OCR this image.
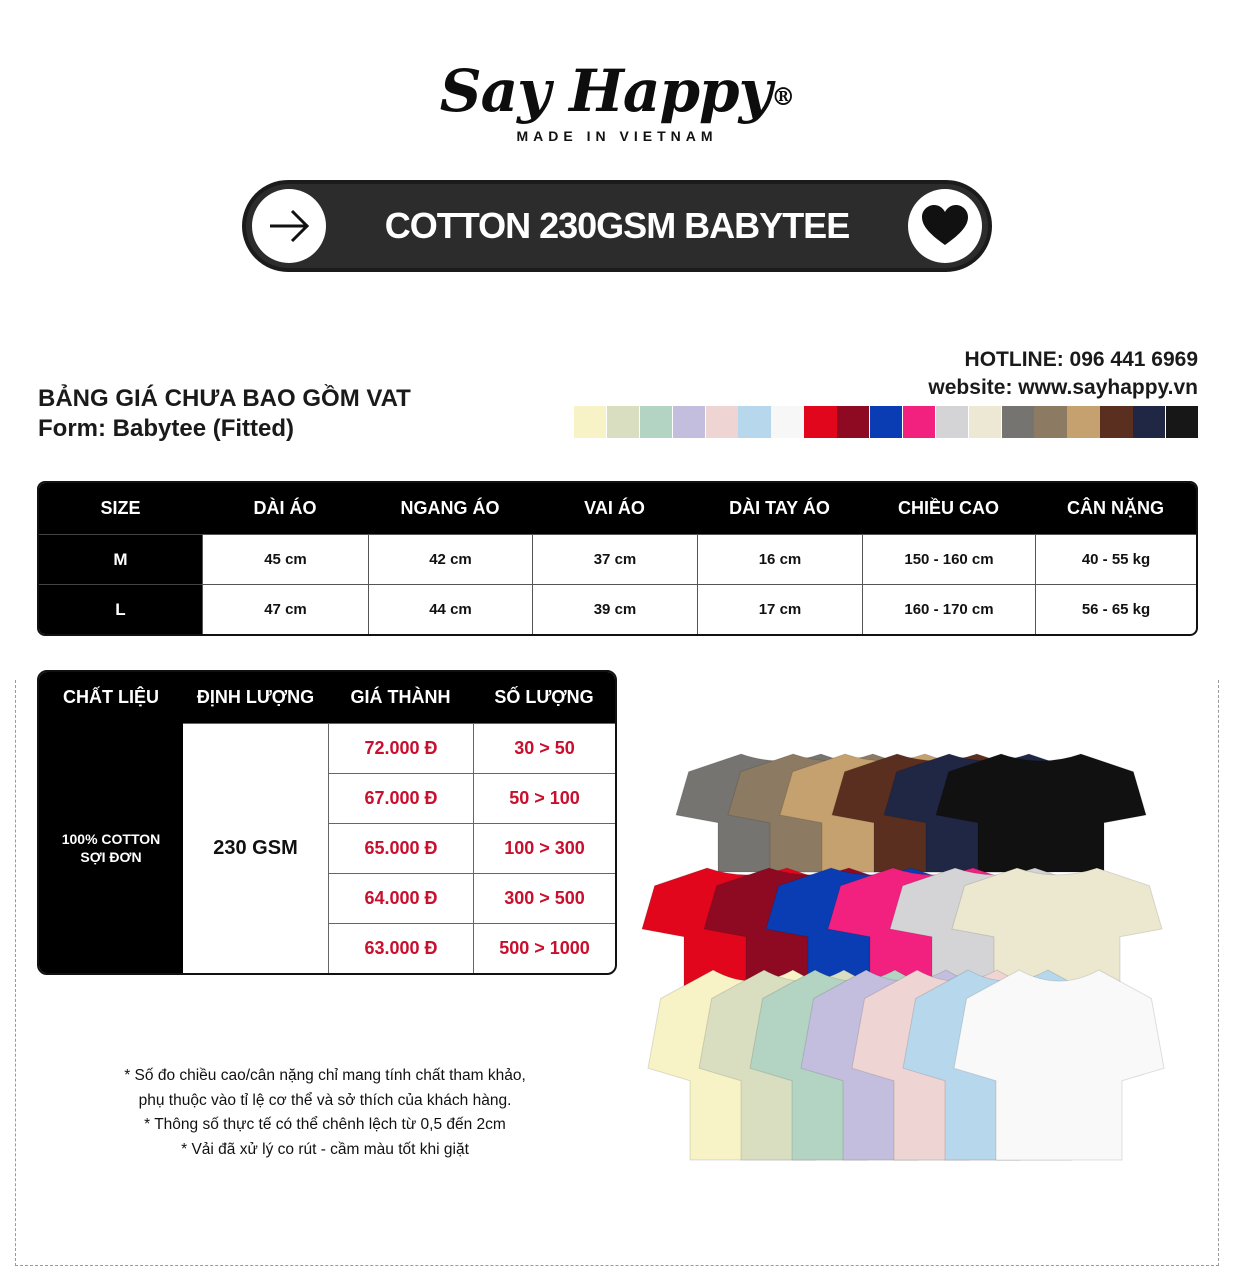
Say Happy®
MADE IN VIETNAM
COTTON 230GSM BABYTEE
BẢNG GIÁ CHƯA BAO GỒM VAT
Form: Babytee (Fitted)
HOTLINE: 096 441 6969
website: www.sayhappy.vn
SIZE	DÀI ÁO	NGANG ÁO	VAI ÁO	DÀI TAY ÁO	CHIỀU CAO	CÂN NẶNG
M	45 cm	42 cm	37 cm	16 cm	150 - 160 cm	40 - 55 kg
L	47 cm	44 cm	39 cm	17 cm	160 - 170 cm	56 - 65 kg
CHẤT LIỆU	ĐỊNH LƯỢNG	GIÁ THÀNH	SỐ LƯỢNG

100% COTTON
SỢI ĐƠN	230 GSM	72.000 Đ	30 > 50
		67.000 Đ	50 > 100
		65.000 Đ	100 > 300
		64.000 Đ	300 > 500
		63.000 Đ	500 > 1000
* Số đo chiều cao/cân nặng chỉ mang tính chất tham khảo,
phụ thuộc vào tỉ lệ cơ thể và sở thích của khách hàng.
* Thông số thực tế có thể chênh lệch từ 0,5 đến 2cm
* Vải đã xử lý co rút - cầm màu tốt khi giặt
